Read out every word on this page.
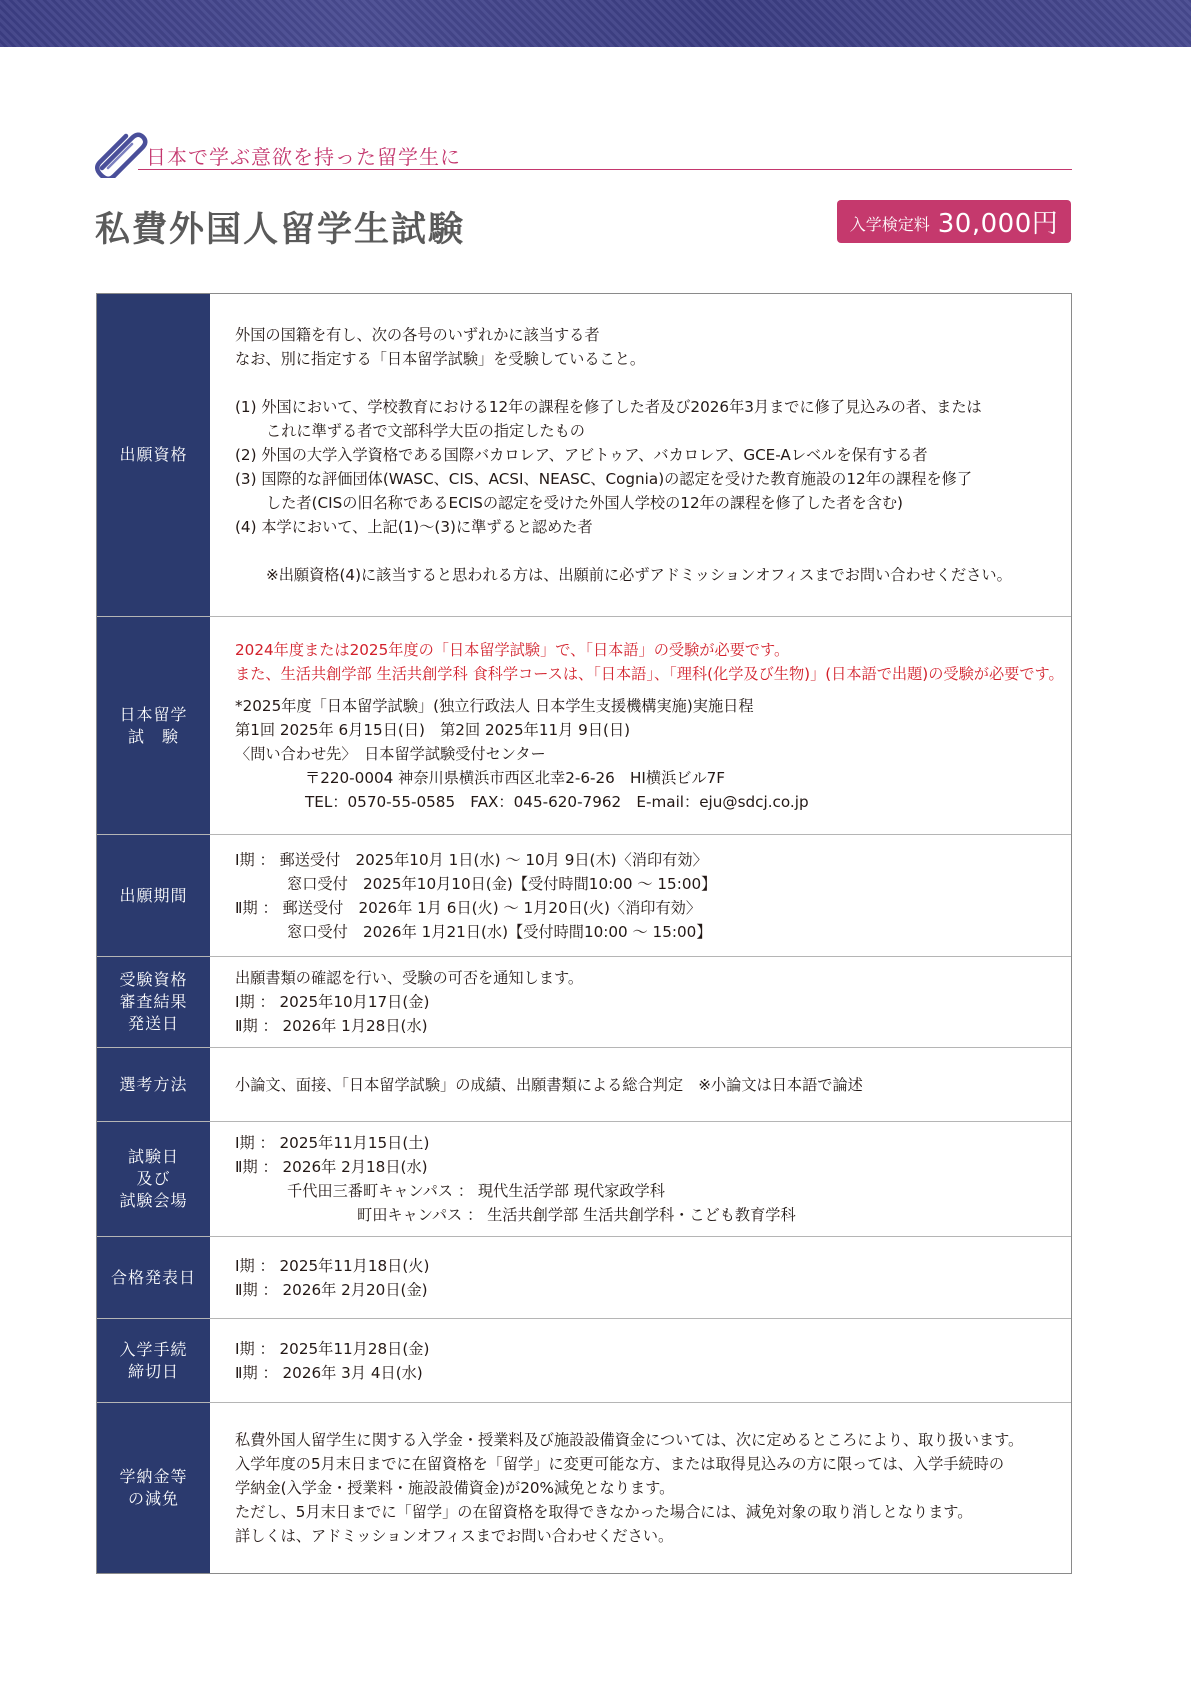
日本で学ぶ意欲を持った留学生に
私費外国人留学生試験	入学検定料 30,000円
出願資格

外国の国籍を有し、次の各号のいずれかに該当する者

なお、別に指定する「日本留学試験」を受験していること。

(1) 外国において、学校教育における12年の課程を修了した者及び2026年3月までに修了見込みの者、または

これに準ずる者で文部科学大臣の指定したもの

(2) 外国の大学入学資格である国際バカロレア、アビトゥア、バカロレア、GCE-Aレベルを保有する者

(3) 国際的な評価団体(WASC、CIS、ACSI、NEASC、Cognia)の認定を受けた教育施設の12年の課程を修了

した者(CISの旧名称であるECISの認定を受けた外国人学校の12年の課程を修了した者を含む)

(4) 本学において、上記(1)〜(3)に準ずると認めた者

※出願資格(4)に該当すると思われる方は、出願前に必ずアドミッションオフィスまでお問い合わせください。

日本留学
試　験

2024年度または2025年度の「日本留学試験」で、「日本語」の受験が必要です。

また、生活共創学部 生活共創学科 食科学コースは、「日本語」、「理科(化学及び生物)」(日本語で出題)の受験が必要です。

*2025年度「日本留学試験」(独立行政法人 日本学生支援機構実施)実施日程

第1回 2025年 6月15日(日)　第2回 2025年11月 9日(日)

〈問い合わせ先〉　日本留学試験受付センター

〒220-0004 神奈川県横浜市西区北幸2-6-26　HI横浜ビル7F

TEL：0570-55-0585　FAX：045-620-7962　E-mail：eju@sdcj.co.jp

出願期間

Ⅰ期 ： 郵送受付　2025年10月 1日(水) 〜 10月 9日(木)〈消印有効〉

窓口受付　2025年10月10日(金)【受付時間10:00 〜 15:00】

Ⅱ期 ： 郵送受付　2026年 1月 6日(火) 〜 1月20日(火)〈消印有効〉

窓口受付　2026年 1月21日(水)【受付時間10:00 〜 15:00】

受験資格
審査結果
発送日

出願書類の確認を行い、受験の可否を通知します。

Ⅰ期 ： 2025年10月17日(金)

Ⅱ期 ： 2026年 1月28日(水)

選考方法	小論文、面接、「日本留学試験」の成績、出願書類による総合判定　※小論文は日本語で論述

試験日
及び
試験会場

Ⅰ期 ： 2025年11月15日(土)

Ⅱ期 ： 2026年 2月18日(水)

千代田三番町キャンパス ： 現代生活学部 現代家政学科

町田キャンパス ： 生活共創学部 生活共創学科・こども教育学科

合格発表日

Ⅰ期 ： 2025年11月18日(火)

Ⅱ期 ： 2026年 2月20日(金)

入学手続
締切日

Ⅰ期 ： 2025年11月28日(金)

Ⅱ期 ： 2026年 3月 4日(水)

学納金等
の減免

私費外国人留学生に関する入学金・授業料及び施設設備資金については、次に定めるところにより、取り扱います。

入学年度の5月末日までに在留資格を「留学」に変更可能な方、または取得見込みの方に限っては、入学手続時の

学納金(入学金・授業料・施設設備資金)が20%減免となります。

ただし、5月末日までに「留学」の在留資格を取得できなかった場合には、減免対象の取り消しとなります。

詳しくは、アドミッションオフィスまでお問い合わせください。
